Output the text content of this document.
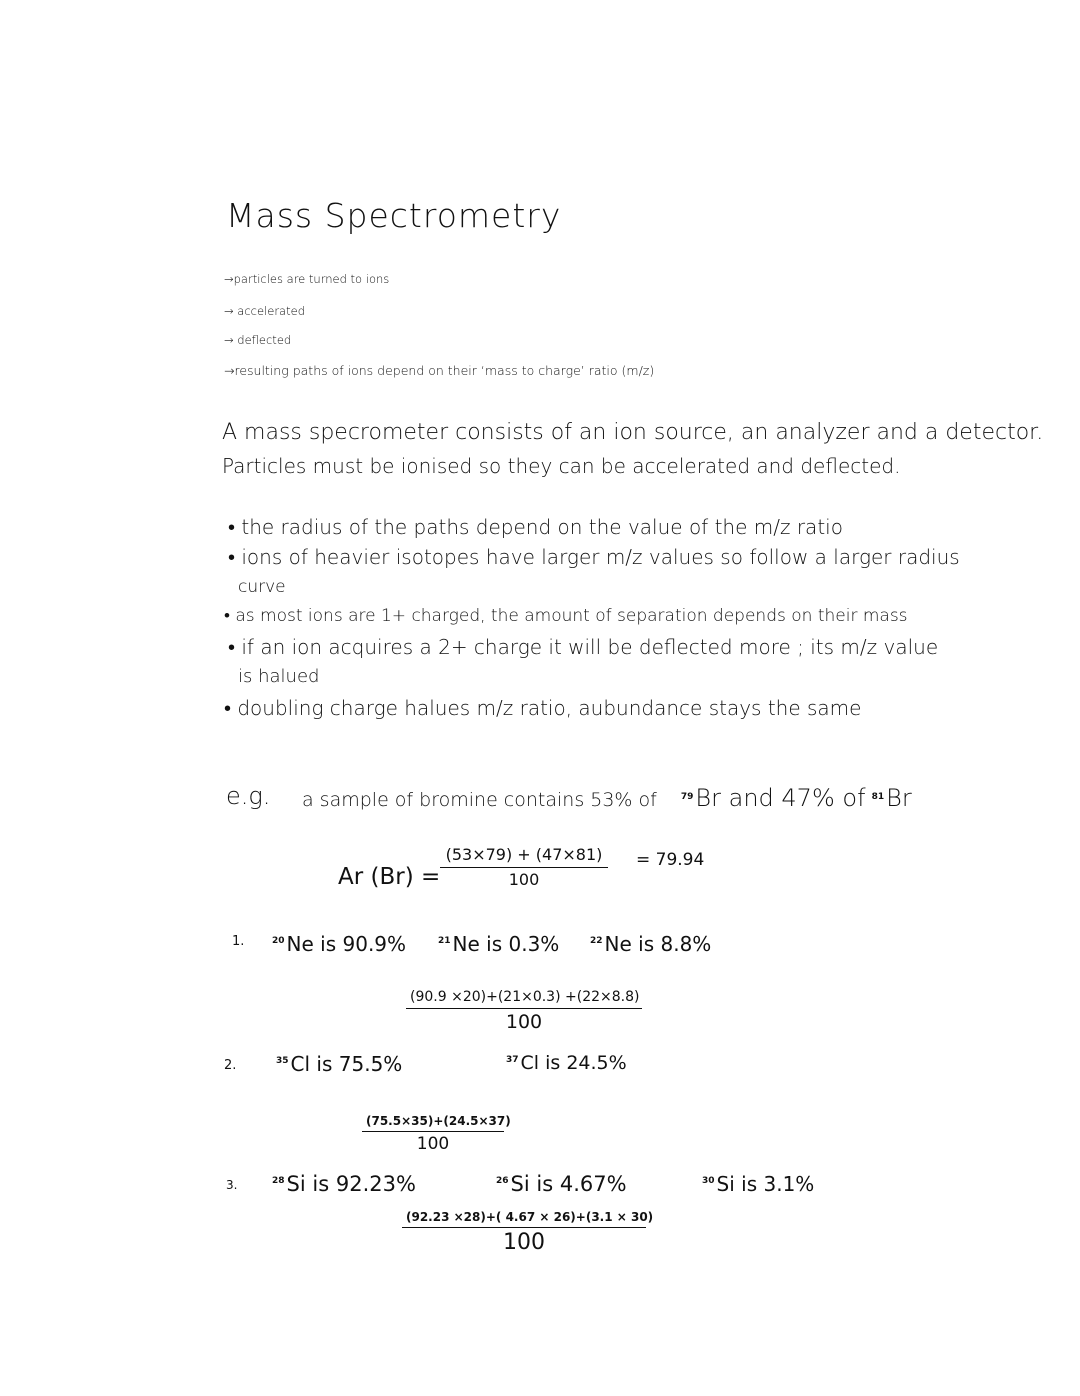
Mass Spectrometry
→particles are turned to ions
→ accelerated
→ deflected
→resulting paths of ions depend on their ‘mass to charge’ ratio (m/z)
A mass specrometer consists of an ion source, an analyzer and a detector.
Particles must be ionised so they can be accelerated and deflected.
• the radius of the paths depend on the value of the m/z ratio
• ions of heavier isotopes have larger m/z values so follow a larger radius
curve
• as most ions are 1+ charged, the amount of separation depends on their mass
• if an ion acquires a 2+ charge it will be deflected more ; its m/z value
is halued
• doubling charge halues m/z ratio, aubundance stays the same
e.g. a sample of bromine contains 53% of	$^{79}$Br and 47% of $^{81}$Br
Ar $(Br) = \frac{(53\times 79) + (47\times 81)}{100} = 79.94$
1.	$^{20}$ Ne is 90.9%	$^{21}$ Ne is 0.3%	$^{22}$ Ne is 8.8%
(90.9 ×20)+(21×0.3) +(22×8.8)
100
2.	$^{35}$ Cl is 75.5%	$^{37}$ Cl is 24.5%
(75.5×35)+(24.5×37)
100
3.	$^{28}$Si is 92.23%	$^{26}$Si is 4.67%	$^{30}$ Si is 3.1%
(92.23 ×28)+( 4.67 × 26)+(3.1 × 30)
100
